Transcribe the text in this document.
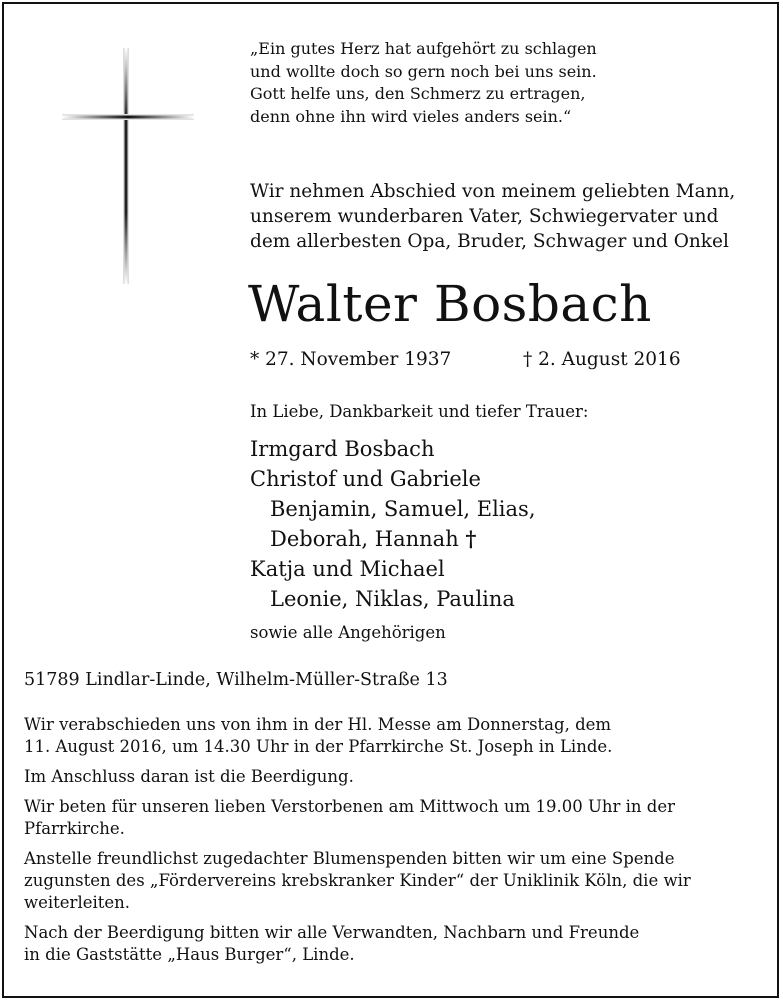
„Ein gutes Herz hat aufgehört zu schlagen
und wollte doch so gern noch bei uns sein.
Gott helfe uns, den Schmerz zu ertragen,
denn ohne ihn wird vieles anders sein.“
Wir nehmen Abschied von meinem geliebten Mann,
unserem wunderbaren Vater, Schwiegervater und
dem allerbesten Opa, Bruder, Schwager und Onkel
Walter Bosbach
* 27. November 1937	† 2. August 2016
In Liebe, Dankbarkeit und tiefer Trauer:
Irmgard Bosbach
Christof und Gabriele
Benjamin, Samuel, Elias,
Deborah, Hannah †
Katja und Michael
Leonie, Niklas, Paulina
sowie alle Angehörigen
51789 Lindlar-Linde, Wilhelm-Müller-Straße 13

Wir verabschieden uns von ihm in der Hl. Messe am Donnerstag, dem
11. August 2016, um 14.30 Uhr in der Pfarrkirche St. Joseph in Linde.

Im Anschluss daran ist die Beerdigung.

Wir beten für unseren lieben Verstorbenen am Mittwoch um 19.00 Uhr in der
Pfarrkirche.

Anstelle freundlichst zugedachter Blumenspenden bitten wir um eine Spende
zugunsten des „Fördervereins krebskranker Kinder“ der Uniklinik Köln, die wir
weiterleiten.

Nach der Beerdigung bitten wir alle Verwandten, Nachbarn und Freunde
in die Gaststätte „Haus Burger“, Linde.
